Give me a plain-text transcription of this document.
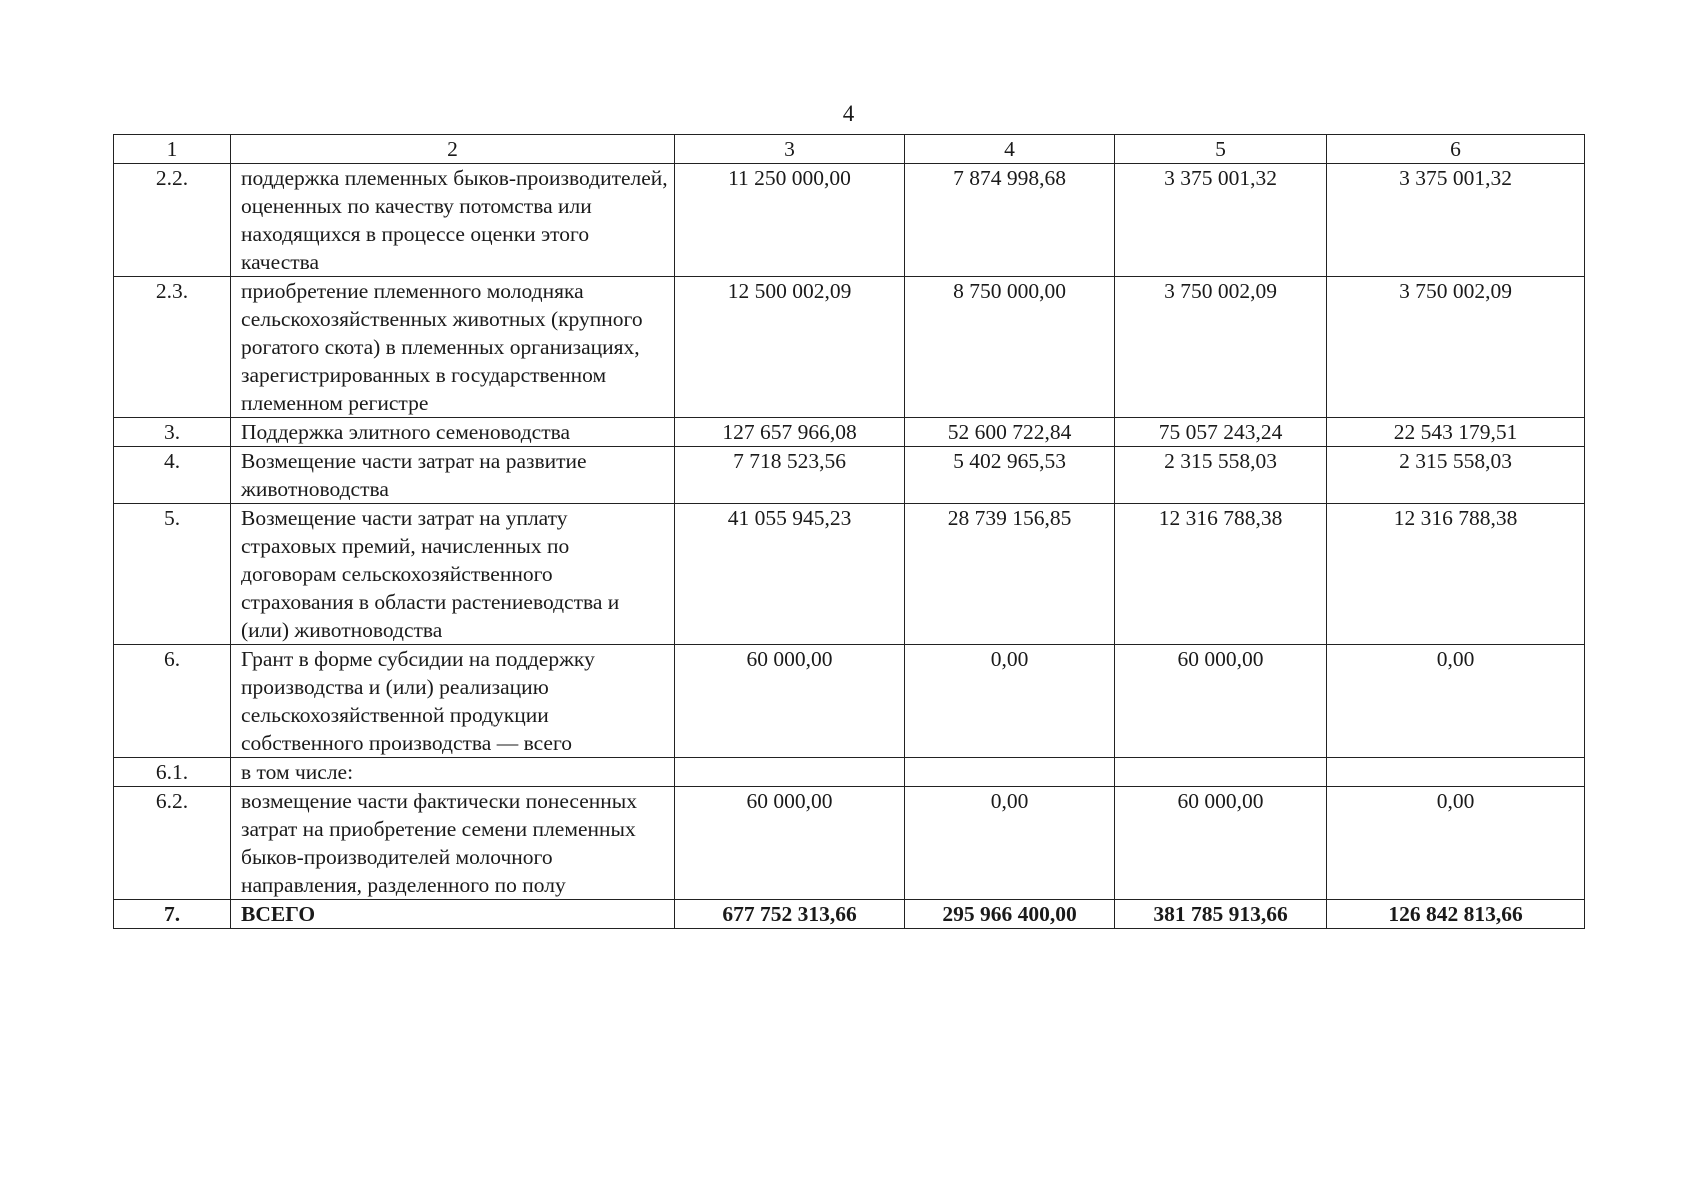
4
1	2	3	4	5	6
2.2.	поддержка племенных быков-производителей, оцененных по качеству потомства или находящихся в процессе оценки этого качества	11 250 000,00	7 874 998,68	3 375 001,32	3 375 001,32
2.3.	приобретение племенного молодняка сельскохозяйственных животных (крупного рогатого скота) в племенных организациях, зарегистрированных в государственном племенном регистре	12 500 002,09	8 750 000,00	3 750 002,09	3 750 002,09
3.	Поддержка элитного семеноводства	127 657 966,08	52 600 722,84	75 057 243,24	22 543 179,51
4.	Возмещение части затрат на развитие животноводства	7 718 523,56	5 402 965,53	2 315 558,03	2 315 558,03
5.	Возмещение части затрат на уплату страховых премий, начисленных по договорам сельскохозяйственного страхования в области растениеводства и (или) животноводства	41 055 945,23	28 739 156,85	12 316 788,38	12 316 788,38
6.	Грант в форме субсидии на поддержку производства и (или) реализацию сельскохозяйственной продукции собственного производства — всего	60 000,00	0,00	60 000,00	0,00
6.1.	в том числе:				
6.2.	возмещение части фактически понесенных затрат на приобретение семени племенных быков-производителей молочного направления, разделенного по полу	60 000,00	0,00	60 000,00	0,00
7.	ВСЕГО	677 752 313,66	295 966 400,00	381 785 913,66	126 842 813,66
